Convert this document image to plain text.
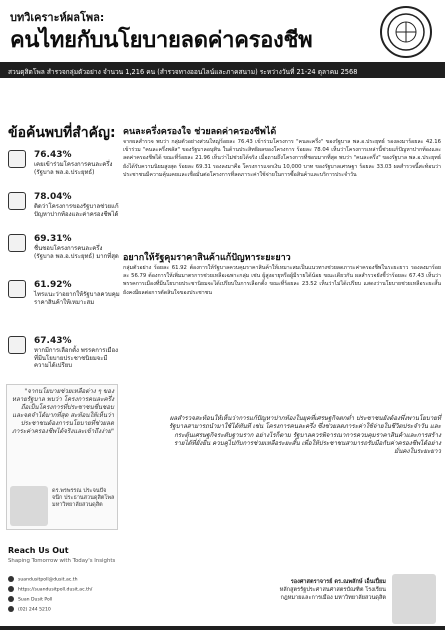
บทวิเคราะห์ผลโพล:
คนไทยกับนโยบายลดค่าครองชีพ
สวนดุสิตโพล สำรวจกลุ่มตัวอย่าง จำนวน 1,216 คน (สำรวจทางออนไลน์และภาคสนาม) ระหว่างวันที่ 21-24 ตุลาคม 2568
ข้อค้นพบที่สำคัญ:
76.43%
เคยเข้าร่วมโครงการคนละครึ่ง (รัฐบาล พล.อ.ประยุทธ์)
78.04%
ติดว่าโครงการของรัฐบาลช่วยแก้ปัญหาปากท้องและค่าครองชีพได้
69.31%
ชื่นชอบโครงการคนละครึ่ง (รัฐบาล พล.อ.ประยุทธ์) มากที่สุด
61.92%
ไทรแนะว่าอยากให้รัฐบาลควบคุมราคาสินค้าให้เหมาะสม
67.43%
หากมีการเลือกตั้ง พรรคการเมืองที่มีนโยบายประชาชนิยมจะมีความได้เปรียบ
"จากนโยบายช่วยเหลือต่าง ๆ ของหลายรัฐบาล พบว่า โครงการคนละครึ่ง ถือเป็นโครงการที่ประชาชนชื่นชอบและจดจำได้มากที่สุด สะท้อนให้เห็นว่าประชาชนต้องการนโยบายที่ช่วยลดภาระค่าครองชีพได้จริงและเข้าถึงง่าย"
ดร.พรพรรณ ประจนปัจจนึก ประธานสวนดุสิตโพล มหาวิทยาลัยสวนดุสิต
Reach Us Out
Shaping Tomorrow with Today's Insights
suandusitpoll@dusit.ac.th
https://suandusitpoll.dusit.ac.th/
Suan Dusit Poll
(02) 244 5210
คนละครึ่งครองใจ ช่วยลดค่าครองชีพได้
จากผลสำรวจ พบว่า กลุ่มตัวอย่างส่วนใหญ่ร้อยละ 76.43 เข้าร่วมโครงการ "คนละครึ่ง" ของรัฐบาล พล.อ.ประยุทธ์ รองลงมาร้อยละ 42.16 เข้าร่วม "คนละครึ่งพลัส" ของรัฐบาลอนุทิน ในด้านประสิทธิผลของโครงการ ร้อยละ 78.04 เห็นว่าโครงการเหล่านี้ช่วยแก้ปัญหาปากท้องและลดค่าครองชีพได้ ขณะที่ร้อยละ 21.96 เห็นว่าไม่ช่วยได้จริง เมื่อถามถึงโครงการที่ชอบมากที่สุด พบว่า "คนละครึ่ง" ของรัฐบาล พล.อ.ประยุทธ์ ยังได้รับความนิยมสูงสุด ร้อยละ 69.31 รองลงมาคือ โครงการแจกเงิน 10,000 บาท ของรัฐบาลเศรษฐา ร้อยละ 33.03 ผลสำรวจนี้สะท้อนว่าประชาชนมีความคุ้นเคยและเชื่อมั่นต่อโครงการที่ลดภาระค่าใช้จ่ายในการซื้อสินค้าและบริการประจำวัน
อยากให้รัฐคุมราคาสินค้าแก้ปัญหาระยะยาว
กลุ่มตัวอย่าง ร้อยละ 61.92 ต้องการให้รัฐบาลควบคุมราคาสินค้าให้เหมาะสมเป็นแนวทางช่วยลดภาระค่าครองชีพในระยะยาว รองลงมาร้อยละ 56.79 ต้องการให้เพิ่มมาตรการช่วยเหลือเฉพาะกลุ่ม เช่น ผู้สูงอายุหรือผู้มีรายได้น้อย ขณะเดียวกัน ผลสำรวจยังชี้ว่าร้อยละ 67.43 เห็นว่าพรรคการเมืองที่มีนโยบายประชานิยมจะได้เปรียบในการเลือกตั้ง ขณะที่ร้อยละ 23.52 เห็นว่าไม่ได้เปรียบ แสดงว่านโยบายช่วยเหลือระยะสั้นยังคงมีผลต่อการตัดสินใจของประชาชน
ผลสำรวจสะท้อนให้เห็นว่าการแก้ปัญหาปากท้องในยุคที่เศรษฐกิจตกต่ำ ประชาชนยังต้องพึ่งพานโยบายที่รัฐบาลสามารถนำมาใช้ได้ทันที เช่น โครงการคนละครึ่ง ซึ่งช่วยลดภาระค่าใช้จ่ายในชีวิตประจำวัน และกระตุ้นเศรษฐกิจระดับฐานราก อย่างไรก็ตาม รัฐบาลควรพิจารณาการควบคุมราคาสินค้าและการสร้างรายได้ที่ยั่งยืน ควบคู่ไปกับการช่วยเหลือระยะสั้น เพื่อให้ประชาชนสามารถรับมือกับค่าครองชีพได้อย่างมั่นคงในระยะยาว
รองศาสตราจารย์ ดร.ณพลักษ์ เอ็นเปี่ยม
หลักสูตรรัฐประศาสนศาสตรบัณฑิต โรงเรียนกฎหมายและการเมือง มหาวิทยาลัยสวนดุสิต
